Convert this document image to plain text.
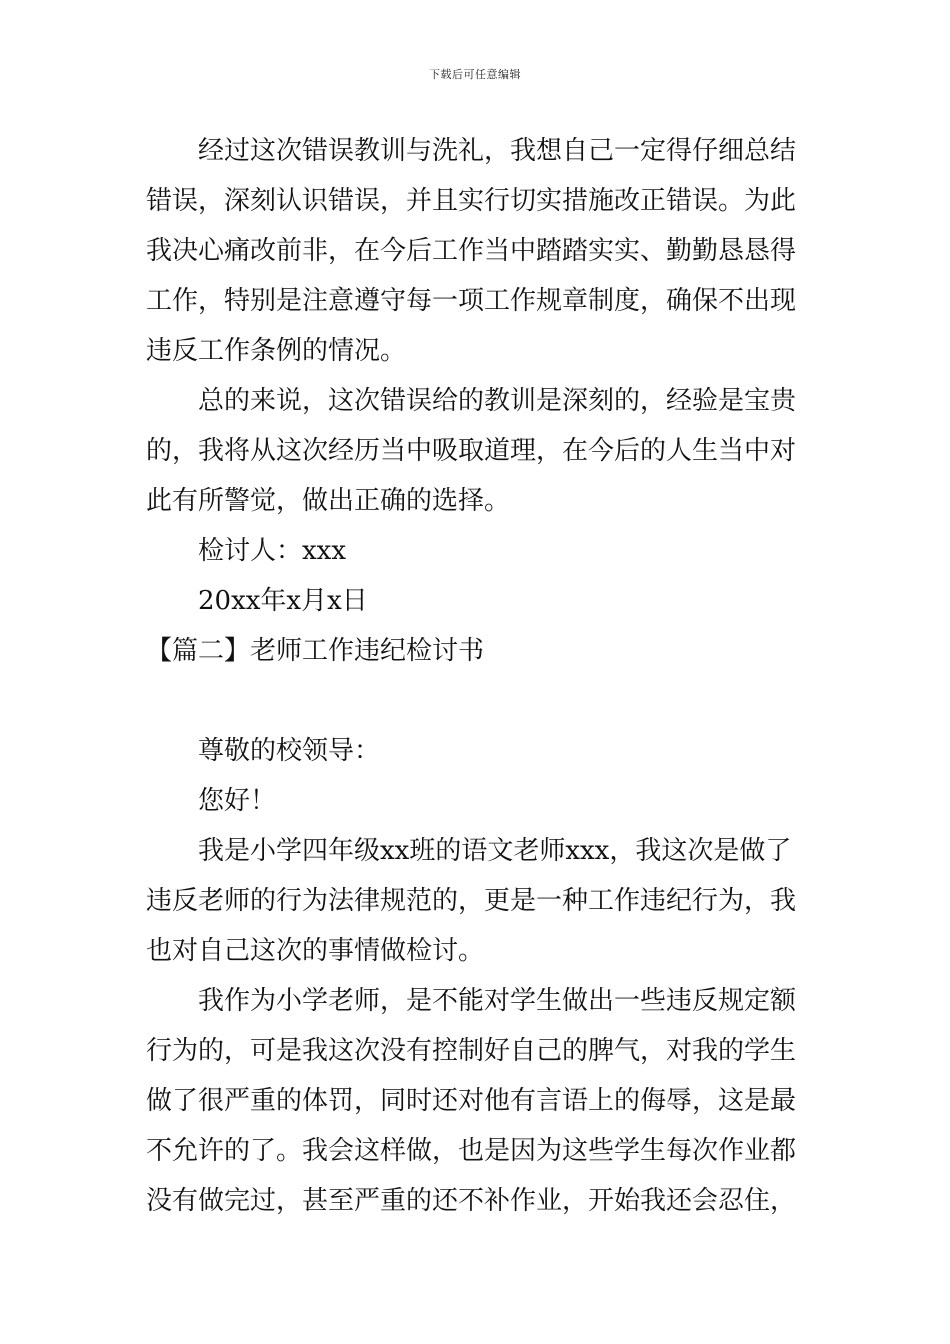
下载后可任意编辑

经过这次错误教训与洗礼，我想自己一定得仔细总结错误，深刻认识错误，并且实行切实措施改正错误。为此我决心痛改前非，在今后工作当中踏踏实实、勤勤恳恳得工作，特别是注意遵守每一项工作规章制度，确保不出现违反工作条例的情况。

总的来说，这次错误给的教训是深刻的，经验是宝贵的，我将从这次经历当中吸取道理，在今后的人生当中对此有所警觉，做出正确的选择。

检讨人：xxx

20xx年x月x日

【篇二】老师工作违纪检讨书

尊敬的校领导：

您好！

我是小学四年级xx班的语文老师xxx，我这次是做了违反老师的行为法律规范的，更是一种工作违纪行为，我也对自己这次的事情做检讨。

我作为小学老师，是不能对学生做出一些违反规定额行为的，可是我这次没有控制好自己的脾气，对我的学生做了很严重的体罚，同时还对他有言语上的侮辱，这是最不允许的了。我会这样做，也是因为这些学生每次作业都没有做完过，甚至严重的还不补作业，开始我还会忍住，
